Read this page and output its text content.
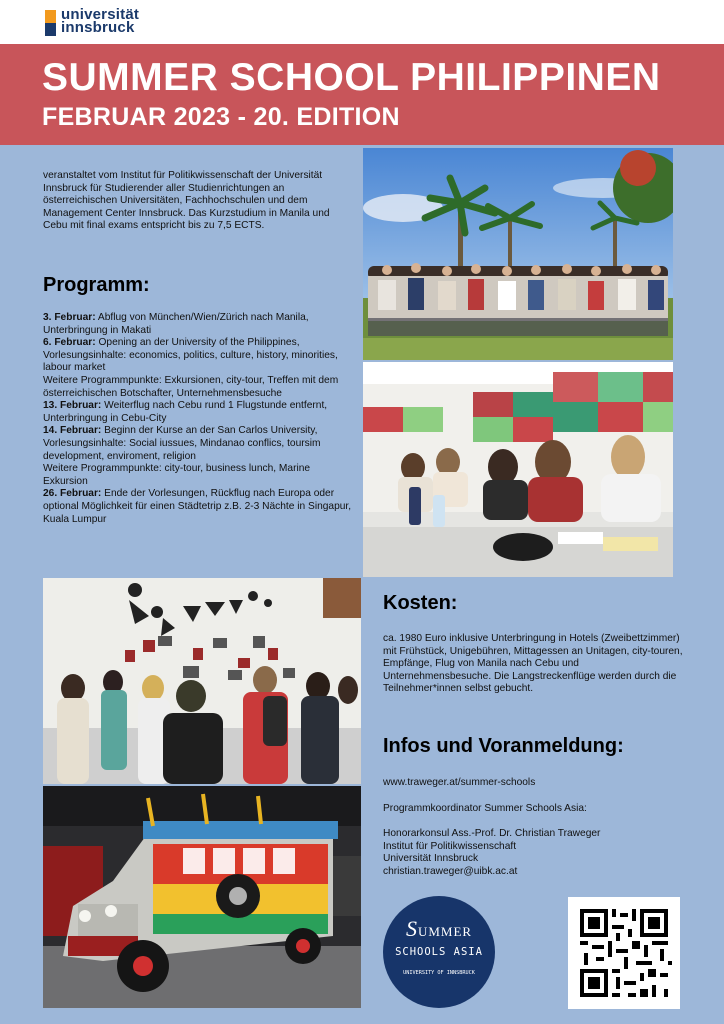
universität
innsbruck
SUMMER SCHOOL PHILIPPINEN
FEBRUAR 2023 - 20. EDITION
veranstaltet vom Institut für Politikwissenschaft der Universität Innsbruck für Studierender aller Studienrichtungen an österreichischen Universitäten, Fachhochschulen und dem Management Center Innsbruck. Das Kurzstudium in Manila und Cebu mit final exams entspricht bis zu 7,5 ECTS.
Programm:

3. Februar: Abflug von München/Wien/Zürich nach Manila, Unterbringung in Makati

6. Februar: Opening an der University of the Philippines, Vorlesungsinhalte: economics, politics, culture, history, minorities, labour market

Weitere Programmpunkte: Exkursionen, city-tour, Treffen mit dem österreichischen Botschafter, Unternehmensbesuche

13. Februar: Weiterflug nach Cebu rund 1 Flugstunde entfernt, Unterbringung in Cebu-City

14. Februar: Beginn der Kurse an der San Carlos University, Vorlesungsinhalte: Social iussues, Mindanao conflics, toursim development, enviroment, religion

Weitere Programmpunkte: city-tour, business lunch, Marine Exkursion

26. Februar: Ende der Vorlesungen, Rückflug nach Europa oder optional Möglichkeit für einen Städtetrip z.B. 2-3 Nächte in Singapur, Kuala Lumpur

Kosten:
ca. 1980 Euro inklusive Unterbringung in Hotels (Zweibettzimmer) mit Frühstück, Unigebühren, Mittagessen an Unitagen, city-touren, Empfänge, Flug von Manila nach Cebu und Unternehmensbesuche. Die Langstreckenflüge werden durch die Teilnehmer*innen selbst gebucht.
Infos und Voranmeldung:

www.traweger.at/summer-schools

Programmkoordinator Summer Schools Asia:

Honorarkonsul Ass.-Prof. Dr. Christian Traweger

Institut für Politikwissenschaft

Universität Innsbruck

christian.traweger@uibk.ac.at

SUMMER
SCHOOLS ASIA
UNIVERSITY OF INNSBRUCK
